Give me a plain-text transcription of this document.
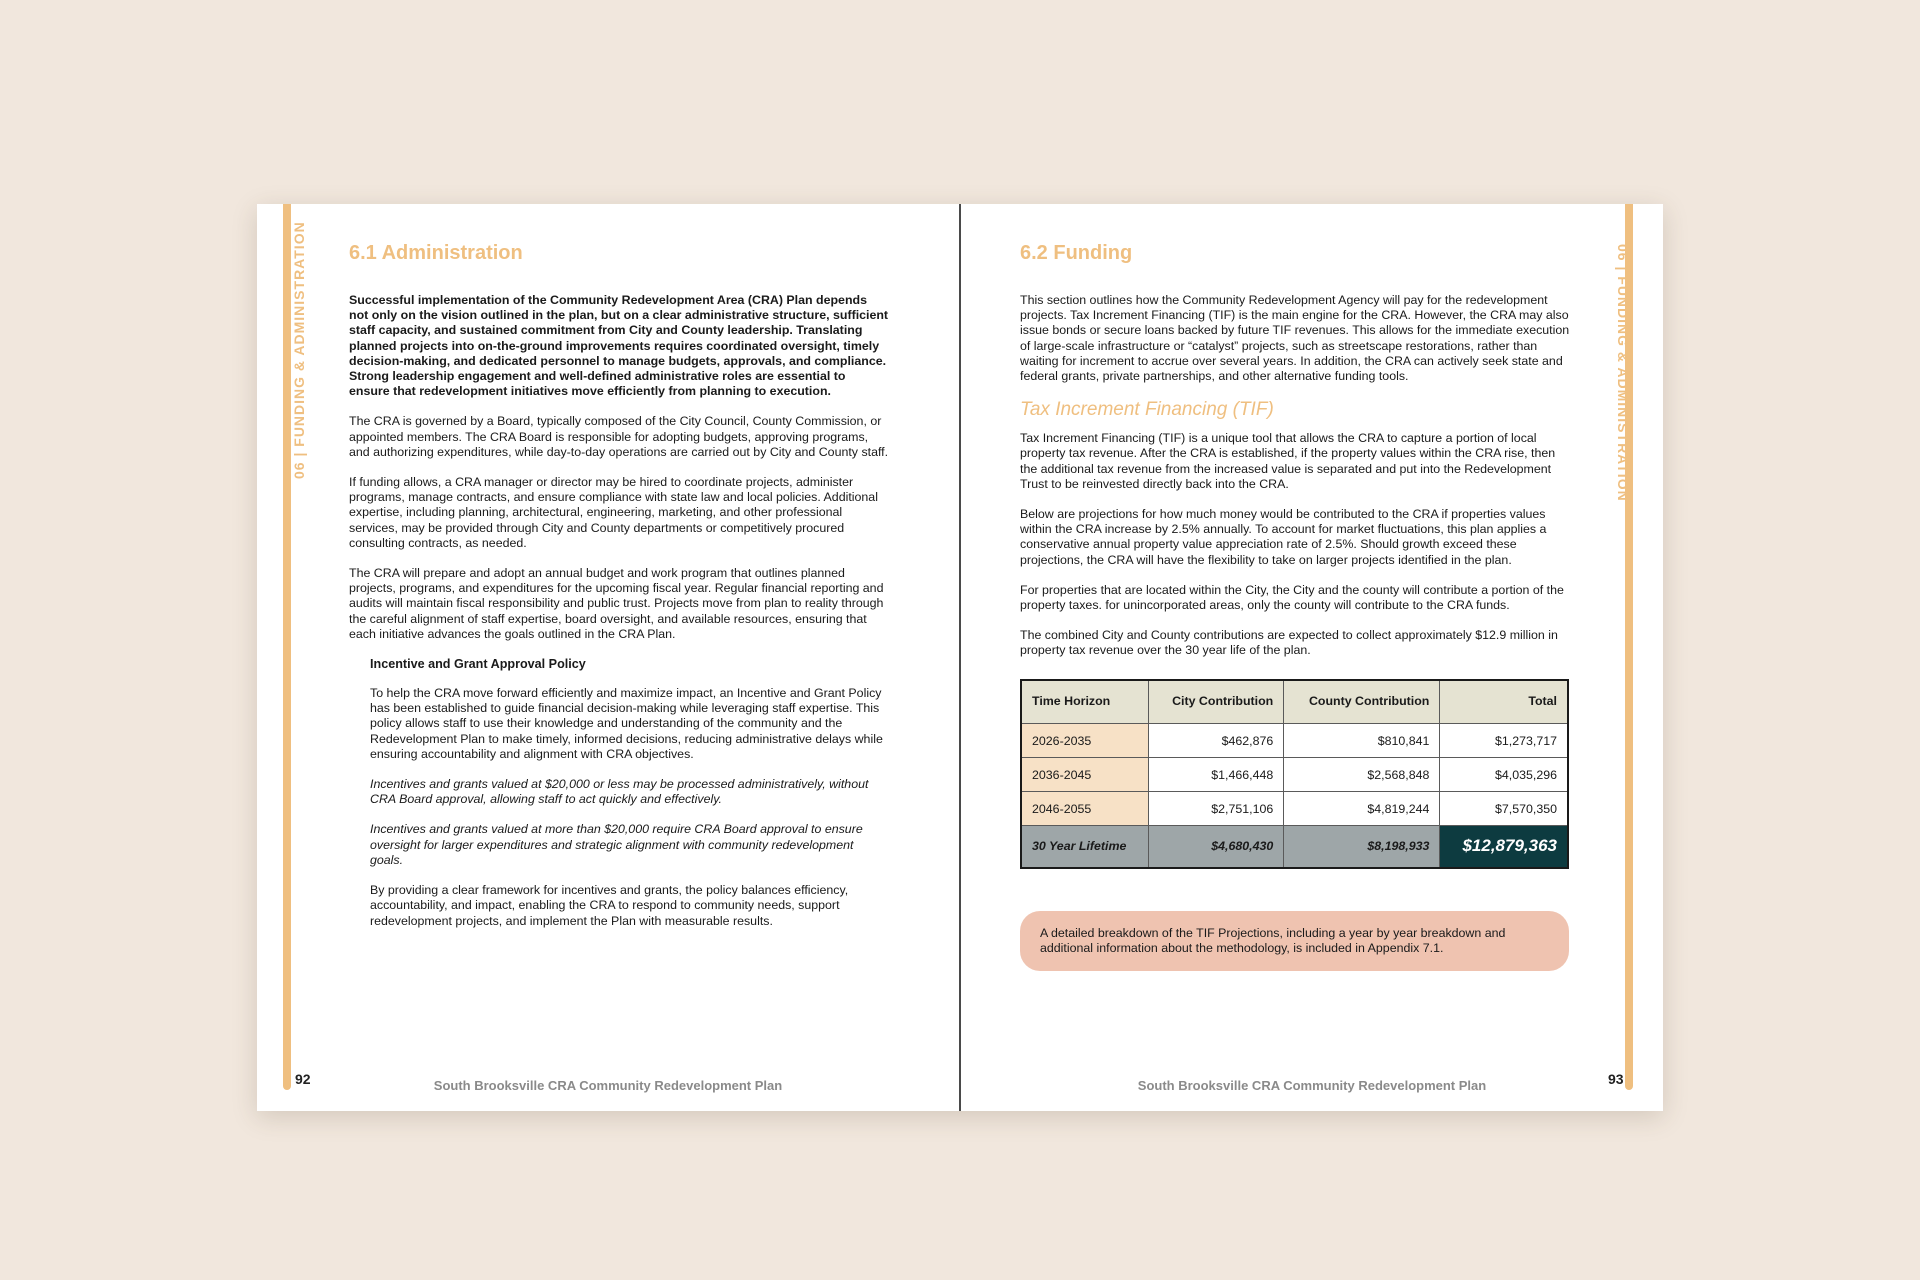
06 | FUNDING & ADMINISTRATION 6.1 Administration

Successful implementation of the Community Redevelopment Area (CRA) Plan depends not only on the vision outlined in the plan, but on a clear administrative structure, sufficient staff capacity, and sustained commitment from City and County leadership. Translating planned projects into on-the-ground improvements requires coordinated oversight, timely decision-making, and dedicated personnel to manage budgets, approvals, and compliance. Strong leadership engagement and well-defined administrative roles are essential to ensure that redevelopment initiatives move efficiently from planning to execution.

The CRA is governed by a Board, typically composed of the City Council, County Commission, or appointed members. The CRA Board is responsible for adopting budgets, approving programs, and authorizing expenditures, while day-to-day operations are carried out by City and County staff.

If funding allows, a CRA manager or director may be hired to coordinate projects, administer programs, manage contracts, and ensure compliance with state law and local policies. Additional expertise, including planning, architectural, engineering, marketing, and other professional services, may be provided through City and County departments or competitively procured consulting contracts, as needed.

The CRA will prepare and adopt an annual budget and work program that outlines planned projects, programs, and expenditures for the upcoming fiscal year. Regular financial reporting and audits will maintain fiscal responsibility and public trust. Projects move from plan to reality through the careful alignment of staff expertise, board oversight, and available resources, ensuring that each initiative advances the goals outlined in the CRA Plan.

Incentive and Grant Approval Policy

To help the CRA move forward efficiently and maximize impact, an Incentive and Grant Policy has been established to guide financial decision-making while leveraging staff expertise. This policy allows staff to use their knowledge and understanding of the community and the Redevelopment Plan to make timely, informed decisions, reducing administrative delays while ensuring accountability and alignment with CRA objectives.

Incentives and grants valued at $20,000 or less may be processed administratively, without CRA Board approval, allowing staff to act quickly and effectively.

Incentives and grants valued at more than $20,000 require CRA Board approval to ensure oversight for larger expenditures and strategic alignment with community redevelopment goals.

By providing a clear framework for incentives and grants, the policy balances efficiency, accountability, and impact, enabling the CRA to respond to community needs, support redevelopment projects, and implement the Plan with measurable results.

92	South Brooksville CRA Community Redevelopment Plan
06 | FUNDING & ADMINISTRATION
6.2 Funding

This section outlines how the Community Redevelopment Agency will pay for the redevelopment projects. Tax Increment Financing (TIF) is the main engine for the CRA. However, the CRA may also issue bonds or secure loans backed by future TIF revenues. This allows for the immediate execution of large-scale infrastructure or “catalyst” projects, such as streetscape restorations, rather than waiting for increment to accrue over several years. In addition, the CRA can actively seek state and federal grants, private partnerships, and other alternative funding tools.

Tax Increment Financing (TIF)

Tax Increment Financing (TIF) is a unique tool that allows the CRA to capture a portion of local property tax revenue. After the CRA is established, if the property values within the CRA rise, then the additional tax revenue from the increased value is separated and put into the Redevelopment Trust to be reinvested directly back into the CRA.

Below are projections for how much money would be contributed to the CRA if properties values within the CRA increase by 2.5% annually. To account for market fluctuations, this plan applies a conservative annual property value appreciation rate of 2.5%. Should growth exceed these projections, the CRA will have the flexibility to take on larger projects identified in the plan.

For properties that are located within the City, the City and the county will contribute a portion of the property taxes. for unincorporated areas, only the county will contribute to the CRA funds.

The combined City and County contributions are expected to collect approximately $12.9 million in property tax revenue over the 30 year life of the plan.

Time Horizon	City Contribution	County Contribution	Total
2026-2035	$462,876	$810,841	$1,273,717
2036-2045	$1,466,448	$2,568,848	$4,035,296
2046-2055	$2,751,106	$4,819,244	$7,570,350
30 Year Lifetime	$4,680,430	$8,198,933	$12,879,363
A detailed breakdown of the TIF Projections, including a year by year breakdown and additional information about the methodology, is included in Appendix 7.1.
93
South Brooksville CRA Community Redevelopment Plan
